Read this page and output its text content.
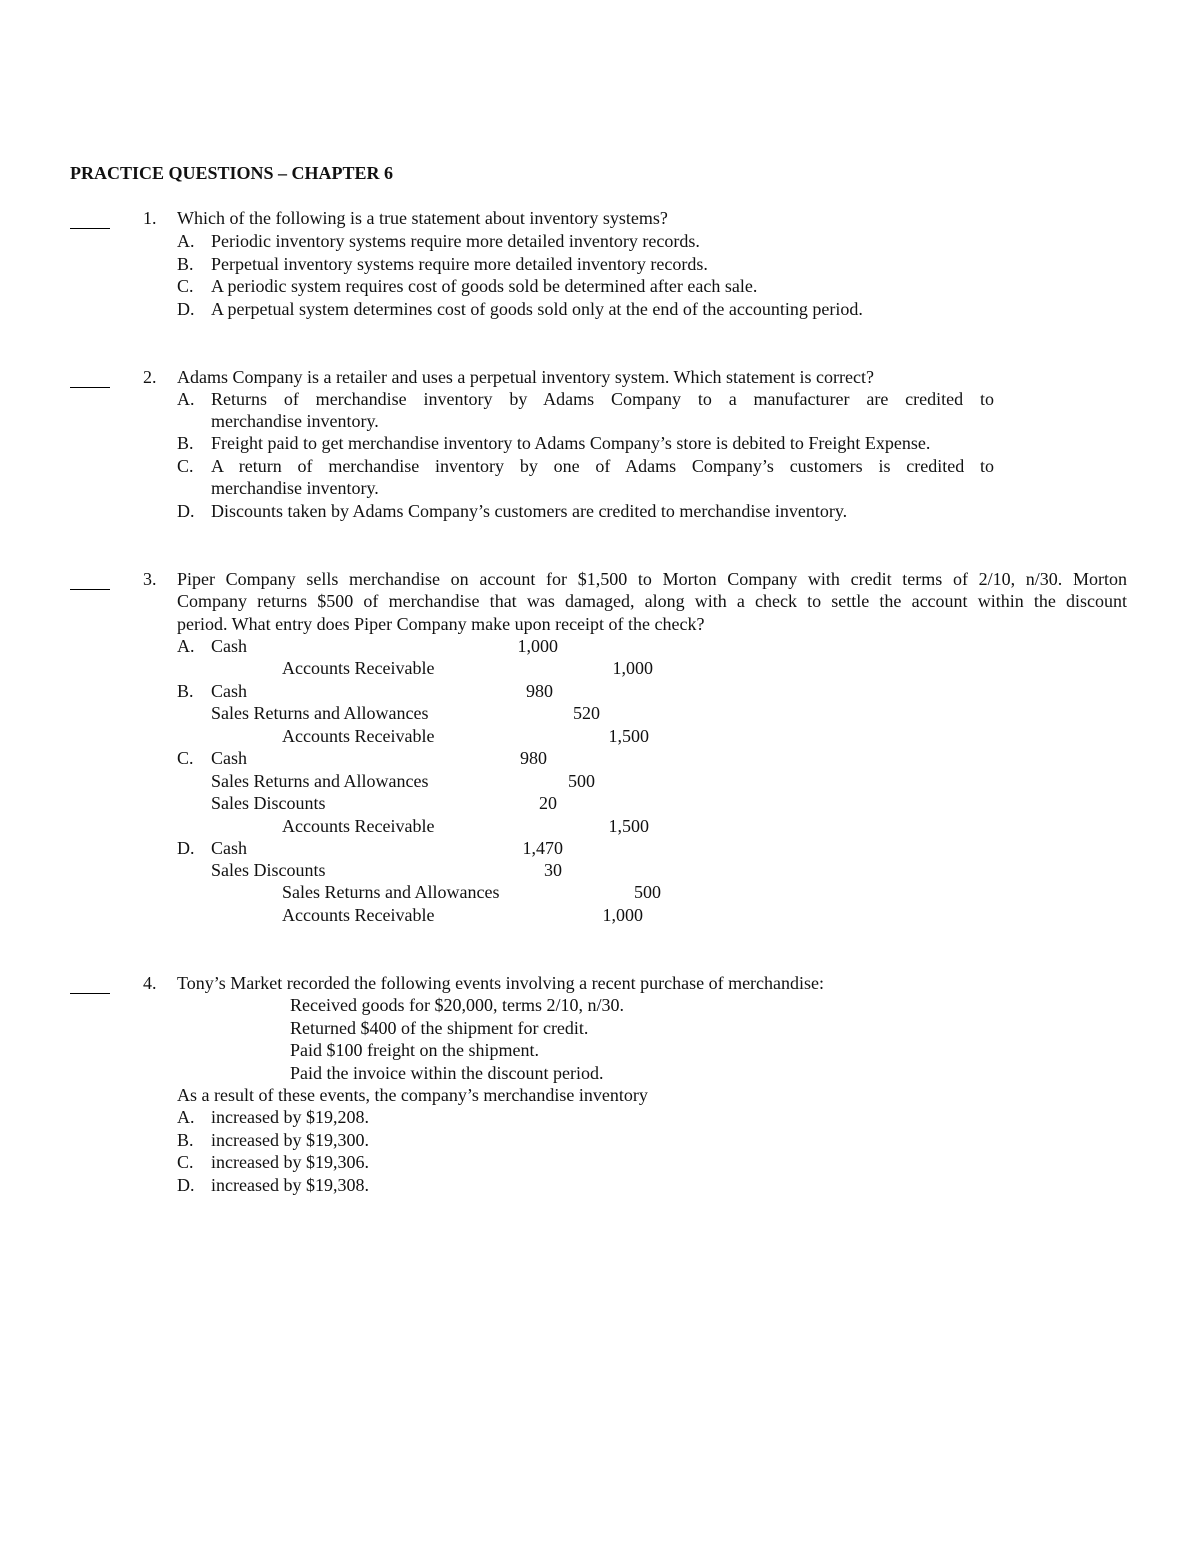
PRACTICE QUESTIONS – CHAPTER 6
1. Which of the following is a true statement about inventory systems?
A. Periodic inventory systems require more detailed inventory records.
B. Perpetual inventory systems require more detailed inventory records.
C. A periodic system requires cost of goods sold be determined after each sale.
D. A perpetual system determines cost of goods sold only at the end of the accounting period.
2. Adams Company is a retailer and uses a perpetual inventory system. Which statement is correct?
A. Returns of merchandise inventory by Adams Company to a manufacturer are credited to
merchandise inventory.
B. Freight paid to get merchandise inventory to Adams Company’s store is debited to Freight Expense.
C. A return of merchandise inventory by one of Adams Company’s customers is credited to
merchandise inventory.
D. Discounts taken by Adams Company’s customers are credited to merchandise inventory.
3. Piper Company sells merchandise on account for $1,500 to Morton Company with credit terms of 2/10, n/30. Morton
Company returns $500 of merchandise that was damaged, along with a check to settle the account within the discount
period. What entry does Piper Company make upon receipt of the check?
A. Cash	1,000
Accounts Receivable	1,000
B. Cash	980
Sales Returns and Allowances	520
Accounts Receivable	1,500
C. Cash	980
Sales Returns and Allowances	500
Sales Discounts	20
Accounts Receivable	1,500
D. Cash	1,470
Sales Discounts	30
Sales Returns and Allowances	500
Accounts Receivable	1,000
4. Tony’s Market recorded the following events involving a recent purchase of merchandise:
Received goods for $20,000, terms 2/10, n/30.
Returned $400 of the shipment for credit.
Paid $100 freight on the shipment.
Paid the invoice within the discount period.
As a result of these events, the company’s merchandise inventory
A. increased by $19,208.
B. increased by $19,300.
C. increased by $19,306.
D. increased by $19,308.
